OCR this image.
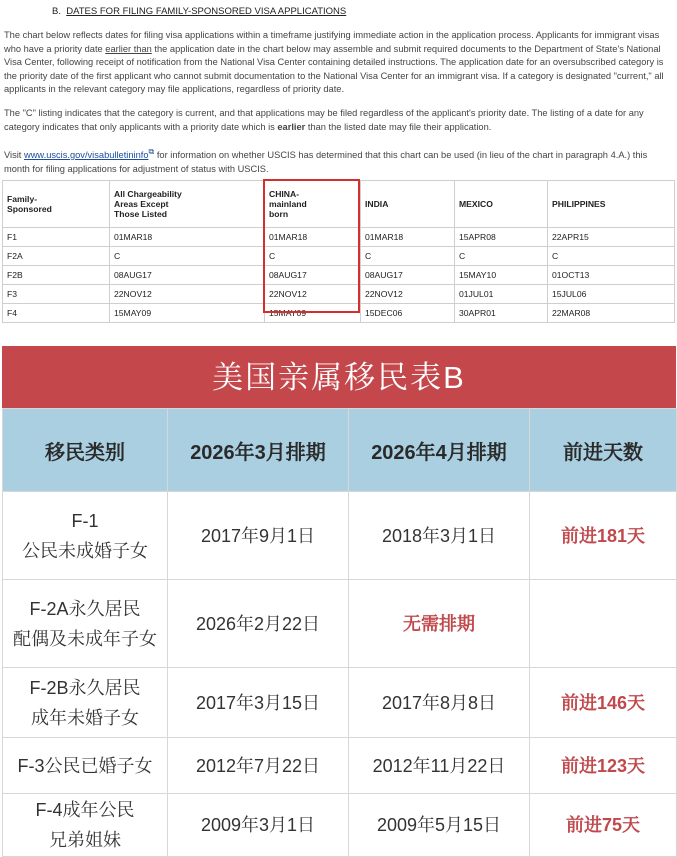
B. DATES FOR FILING FAMILY-SPONSORED VISA APPLICATIONS
The chart below reflects dates for filing visa applications within a timeframe justifying immediate action in the application process. Applicants for immigrant visas who have a priority date earlier than the application date in the chart below may assemble and submit required documents to the Department of State's National Visa Center, following receipt of notification from the National Visa Center containing detailed instructions. The application date for an oversubscribed category is the priority date of the first applicant who cannot submit documentation to the National Visa Center for an immigrant visa. If a category is designated "current," all applicants in the relevant category may file applications, regardless of priority date.
The "C" listing indicates that the category is current, and that applications may be filed regardless of the applicant's priority date. The listing of a date for any category indicates that only applicants with a priority date which is earlier than the listed date may file their application.
Visit www.uscis.gov/visabulletininfo⧉ for information on whether USCIS has determined that this chart can be used (in lieu of the chart in paragraph 4.A.) this month for filing applications for adjustment of status with USCIS.
Family-
Sponsored	All Chargeability
Areas Except
Those Listed	CHINA-
mainland
born	INDIA	MEXICO	PHILIPPINES
F1	01MAR18	01MAR18	01MAR18	15APR08	22APR15
F2A	C	C	C	C	C
F2B	08AUG17	08AUG17	08AUG17	15MAY10	01OCT13
F3	22NOV12	22NOV12	22NOV12	01JUL01	15JUL06
F4	15MAY09	15MAY09	15DEC06	30APR01	22MAR08
美国亲属移民表B
移民类别	2026年3月排期	2026年4月排期	前进天数

F-1
公民未成婚子女	2017年9月1日	2018年3月1日	前进181天

F-2A永久居民
配偶及未成年子女	2026年2月22日	无需排期	

F-2B永久居民
成年未婚子女	2017年3月15日	2017年8月8日	前进146天

F-3公民已婚子女	2012年7月22日	2012年11月22日	前进123天

F-4成年公民
兄弟姐妹	2009年3月1日	2009年5月15日	前进75天
